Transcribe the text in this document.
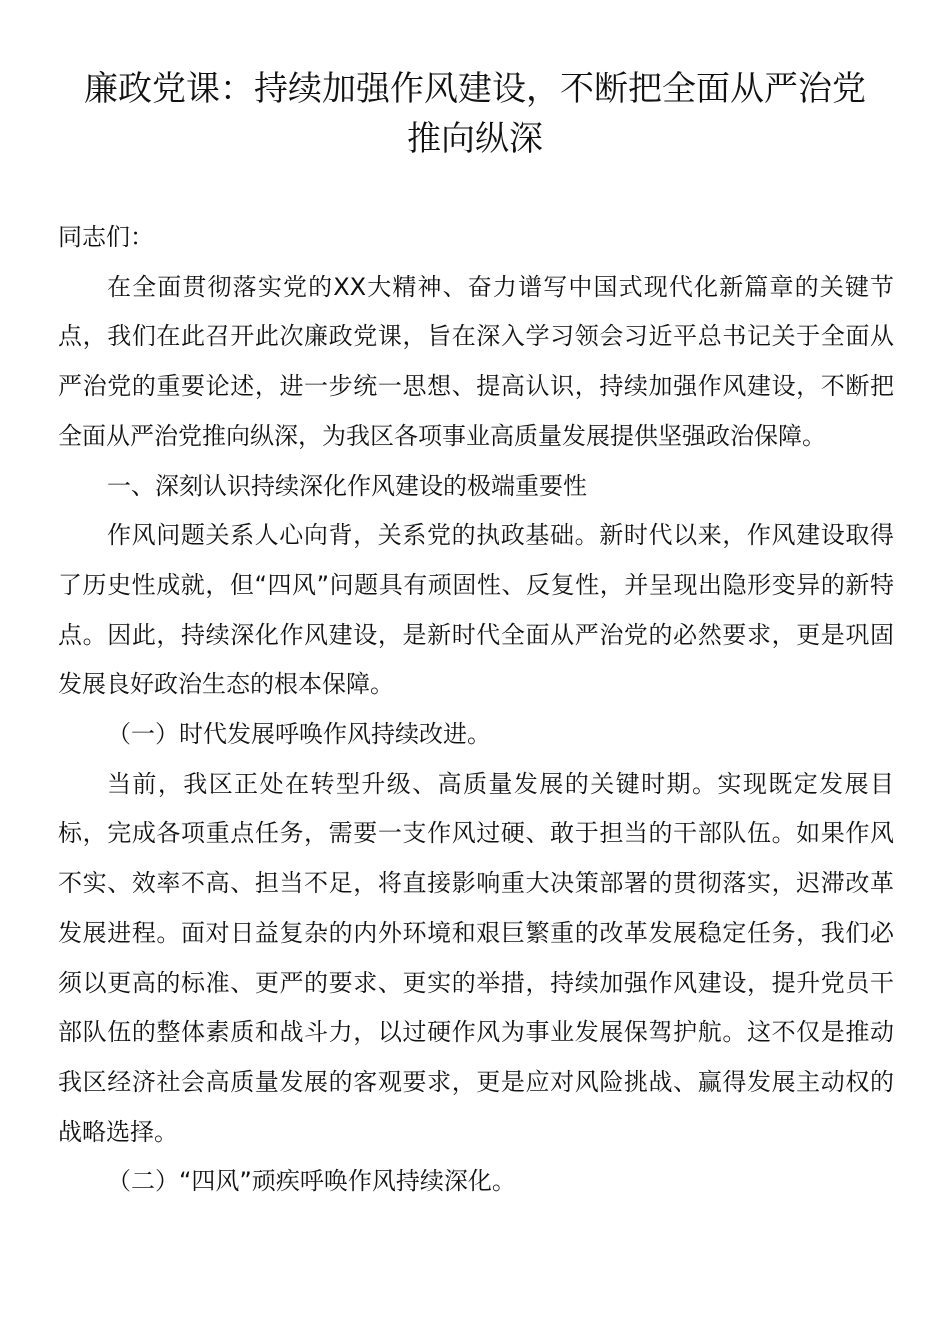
廉政党课：持续加强作风建设，不断把全面从严治党
推向纵深

同志们：

在全面贯彻落实党的XX大精神、奋力谱写中国式现代化新篇章的关键节点，我们在此召开此次廉政党课，旨在深入学习领会习近平总书记关于全面从严治党的重要论述，进一步统一思想、提高认识，持续加强作风建设，不断把全面从严治党推向纵深，为我区各项事业高质量发展提供坚强政治保障。

一、深刻认识持续深化作风建设的极端重要性

作风问题关系人心向背，关系党的执政基础。新时代以来，作风建设取得了历史性成就，但“四风”问题具有顽固性、反复性，并呈现出隐形变异的新特点。因此，持续深化作风建设，是新时代全面从严治党的必然要求，更是巩固发展良好政治生态的根本保障。

（一）时代发展呼唤作风持续改进。

当前，我区正处在转型升级、高质量发展的关键时期。实现既定发展目标，完成各项重点任务，需要一支作风过硬、敢于担当的干部队伍。如果作风不实、效率不高、担当不足，将直接影响重大决策部署的贯彻落实，迟滞改革发展进程。面对日益复杂的内外环境和艰巨繁重的改革发展稳定任务，我们必须以更高的标准、更严的要求、更实的举措，持续加强作风建设，提升党员干部队伍的整体素质和战斗力，以过硬作风为事业发展保驾护航。这不仅是推动我区经济社会高质量发展的客观要求，更是应对风险挑战、赢得发展主动权的战略选择。

（二）“四风”顽疾呼唤作风持续深化。
